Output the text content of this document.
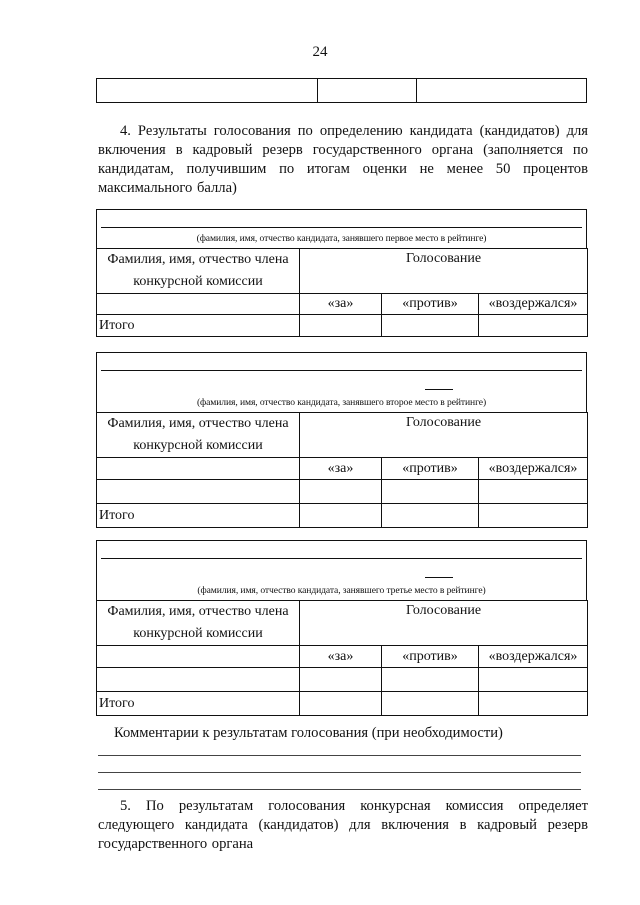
24

4. Результаты голосования по определению кандидата (кандидатов) для включения в кадровый резерв государственного органа (заполняется по кандидатам, получившим по итогам оценки не менее 50 процентов максимального балла)

(фамилия, имя, отчество кандидата, занявшего первое место в рейтинге)
Фамилия, имя, отчество члена конкурсной комиссии	Голосование		
	«за»	«против»	«воздержался»
Итого			
(фамилия, имя, отчество кандидата, занявшего второе место в рейтинге)
Фамилия, имя, отчество члена конкурсной комиссии	Голосование		
	«за»	«против»	«воздержался»

Итого			
(фамилия, имя, отчество кандидата, занявшего третье место в рейтинге)
Фамилия, имя, отчество члена конкурсной комиссии	Голосование		
	«за»	«против»	«воздержался»

Итого			
Комментарии к результатам голосования (при необходимости)

5. По результатам голосования конкурсная комиссия определяет следующего кандидата (кандидатов) для включения в кадровый резерв государственного органа
